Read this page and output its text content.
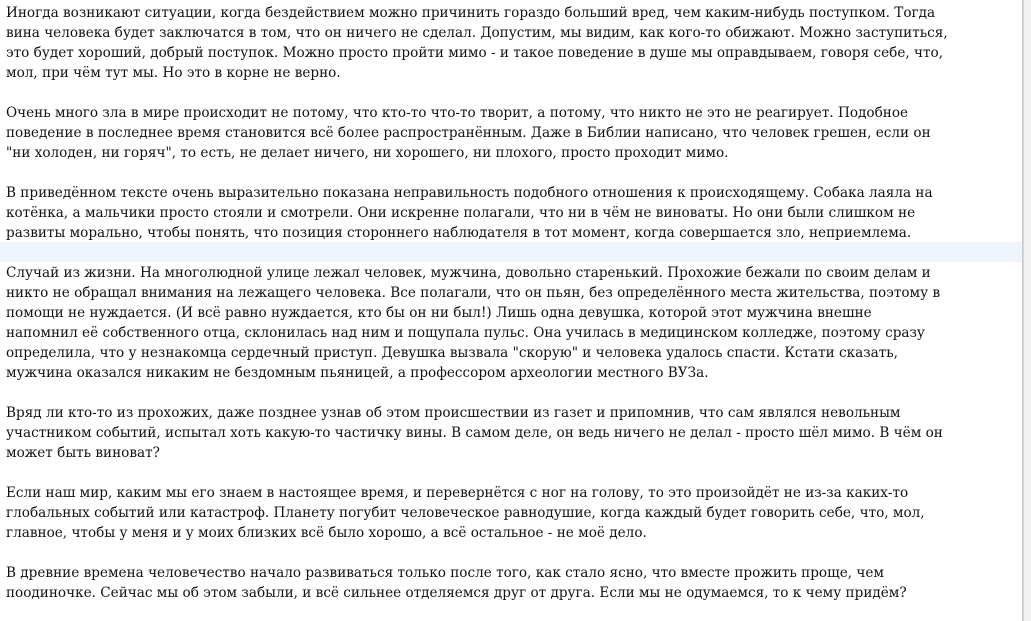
Иногда возникают ситуации, когда бездействием можно причинить гораздо больший вред, чем каким-нибудь поступком. Тогда
вина человека будет заключатся в том, что он ничего не сделал. Допустим, мы видим, как кого-то обижают. Можно заступиться,
это будет хороший, добрый поступок. Можно просто пройти мимо - и такое поведение в душе мы оправдываем, говоря себе, что,
мол, при чём тут мы. Но это в корне не верно.

Очень много зла в мире происходит не потому, что кто-то что-то творит, а потому, что никто не это не реагирует. Подобное
поведение в последнее время становится всё более распространённым. Даже в Библии написано, что человек грешен, если он
"ни холоден, ни горяч", то есть, не делает ничего, ни хорошего, ни плохого, просто проходит мимо.

В приведённом тексте очень выразительно показана неправильность подобного отношения к происходящему. Собака лаяла на
котёнка, а мальчики просто стояли и смотрели. Они искренне полагали, что ни в чём не виноваты. Но они были слишком не
развиты морально, чтобы понять, что позиция стороннего наблюдателя в тот момент, когда совершается зло, неприемлема.

Случай из жизни. На многолюдной улице лежал человек, мужчина, довольно старенький. Прохожие бежали по своим делам и
никто не обращал внимания на лежащего человека. Все полагали, что он пьян, без определённого места жительства, поэтому в
помощи не нуждается. (И всё равно нуждается, кто бы он ни был!) Лишь одна девушка, которой этот мужчина внешне
напомнил её собственного отца, склонилась над ним и пощупала пульс. Она училась в медицинском колледже, поэтому сразу
определила, что у незнакомца сердечный приступ. Девушка вызвала "скорую" и человека удалось спасти. Кстати сказать,
мужчина оказался никаким не бездомным пьяницей, а профессором археологии местного ВУЗа.

Вряд ли кто-то из прохожих, даже позднее узнав об этом происшествии из газет и припомнив, что сам являлся невольным
участником событий, испытал хоть какую-то частичку вины. В самом деле, он ведь ничего не делал - просто шёл мимо. В чём он
может быть виноват?

Если наш мир, каким мы его знаем в настоящее время, и перевернётся с ног на голову, то это произойдёт не из-за каких-то
глобальных событий или катастроф. Планету погубит человеческое равнодушие, когда каждый будет говорить себе, что, мол,
главное, чтобы у меня и у моих близких всё было хорошо, а всё остальное - не моё дело.

В древние времена человечество начало развиваться только после того, как стало ясно, что вместе прожить проще, чем
поодиночке. Сейчас мы об этом забыли, и всё сильнее отделяемся друг от друга. Если мы не одумаемся, то к чему придём?
